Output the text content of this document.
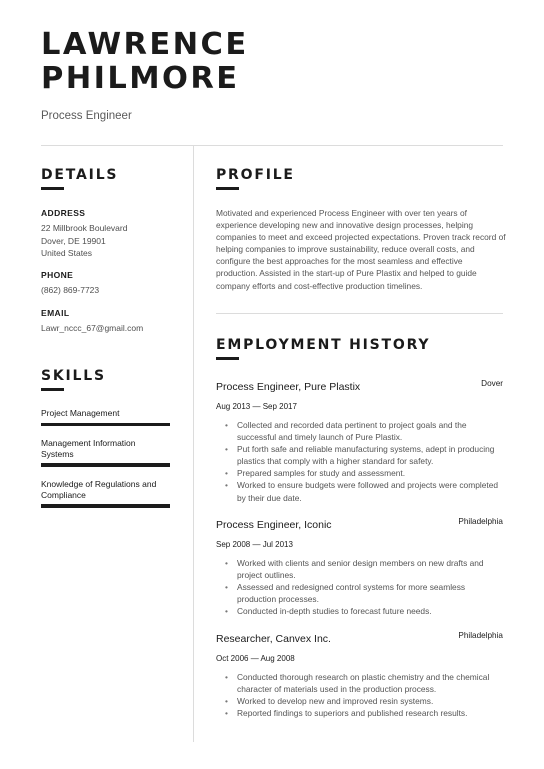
LAWRENCE
PHILMORE
Process Engineer
DETAILS
ADDRESS
22 Millbrook Boulevard
Dover, DE 19901
United States
PHONE
(862) 869-7723
EMAIL
Lawr_nccc_67@gmail.com
SKILLS
Project Management
Management Information Systems
Knowledge of Regulations and Compliance
PROFILE
Motivated and experienced Process Engineer with over ten years of experience developing new and innovative design processes, helping companies to meet and exceed projected expectations. Proven track record of helping companies to improve sustainability, reduce overall costs, and configure the best approaches for the most seamless and effective production. Assisted in the start-up of Pure Plastix and helped to guide company efforts and cost-effective production timelines.
EMPLOYMENT HISTORY
Process Engineer, Pure Plastix	Dover
Aug 2013 — Sep 2017
• Collected and recorded data pertinent to project goals and the successful and timely launch of Pure Plastix.
• Put forth safe and reliable manufacturing systems, adept in producing plastics that comply with a higher standard for safety.
• Prepared samples for study and assessment.
• Worked to ensure budgets were followed and projects were completed by their due date.
Process Engineer, Iconic	Philadelphia
Sep 2008 — Jul 2013
• Worked with clients and senior design members on new drafts and project outlines.
• Assessed and redesigned control systems for more seamless production processes.
• Conducted in-depth studies to forecast future needs.
Researcher, Canvex Inc.	Philadelphia
Oct 2006 — Aug 2008
• Conducted thorough research on plastic chemistry and the chemical character of materials used in the production process.
• Worked to develop new and improved resin systems.
• Reported findings to superiors and published research results.
